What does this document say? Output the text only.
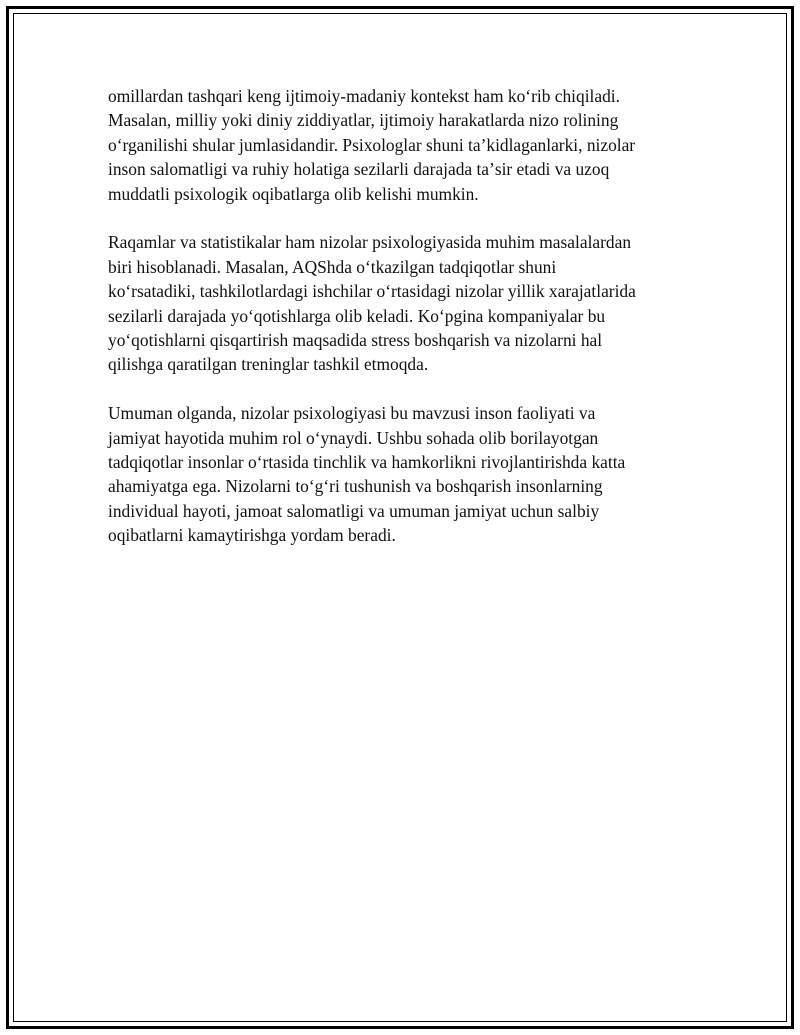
omillardan tashqari keng ijtimoiy-madaniy kontekst ham koʻrib chiqiladi.
Masalan, milliy yoki diniy ziddiyatlar, ijtimoiy harakatlarda nizo rolining
oʻrganilishi shular jumlasidandir. Psixologlar shuni taʼkidlaganlarki, nizolar
inson salomatligi va ruhiy holatiga sezilarli darajada taʼsir etadi va uzoq
muddatli psixologik oqibatlarga olib kelishi mumkin.

Raqamlar va statistikalar ham nizolar psixologiyasida muhim masalalardan
biri hisoblanadi. Masalan, AQShda oʻtkazilgan tadqiqotlar shuni
koʻrsatadiki, tashkilotlardagi ishchilar oʻrtasidagi nizolar yillik xarajatlarida
sezilarli darajada yoʻqotishlarga olib keladi. Koʻpgina kompaniyalar bu
yoʻqotishlarni qisqartirish maqsadida stress boshqarish va nizolarni hal
qilishga qaratilgan treninglar tashkil etmoqda.

Umuman olganda, nizolar psixologiyasi bu mavzusi inson faoliyati va
jamiyat hayotida muhim rol oʻynaydi. Ushbu sohada olib borilayotgan
tadqiqotlar insonlar oʻrtasida tinchlik va hamkorlikni rivojlantirishda katta
ahamiyatga ega. Nizolarni toʻgʻri tushunish va boshqarish insonlarning
individual hayoti, jamoat salomatligi va umuman jamiyat uchun salbiy
oqibatlarni kamaytirishga yordam beradi.
